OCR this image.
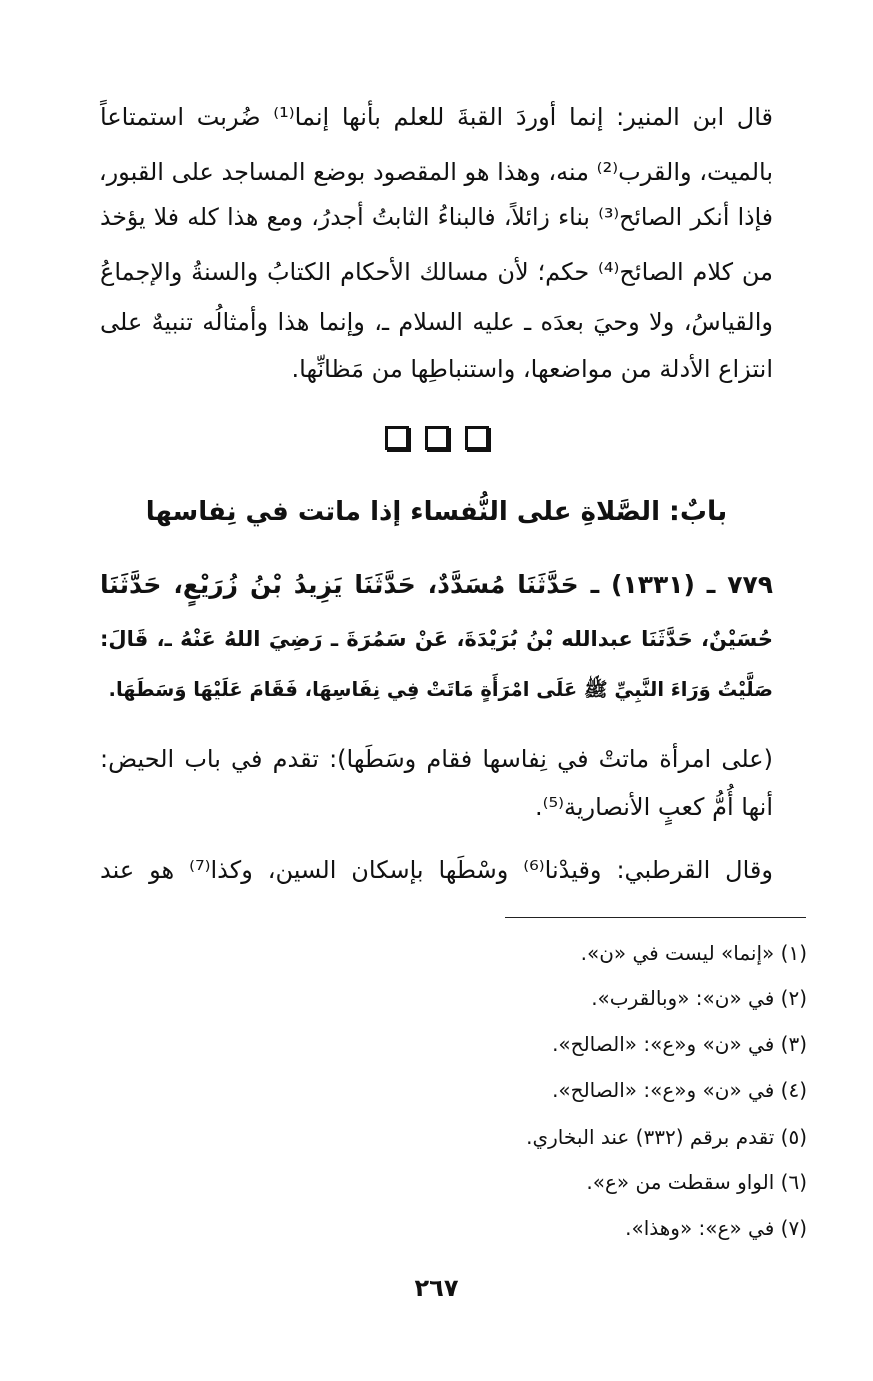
قال ابن المنير: إنما أوردَ القبةَ للعلم بأنها إنما⁽¹⁾ ضُربت استمتاعاً
بالميت، والقرب⁽²⁾ منه، وهذا هو المقصود بوضع المساجد على القبور،
فإذا أنكر الصائح⁽³⁾ بناء زائلاً، فالبناءُ الثابتُ أجدرُ، ومع هذا كله فلا يؤخذ
من كلام الصائح⁽⁴⁾ حكم؛ لأن مسالك الأحكام الكتابُ والسنةُ والإجماعُ
والقياسُ، ولا وحيَ بعدَه ـ عليه السلام ـ، وإنما هذا وأمثالُه تنبيهٌ على
انتزاع الأدلة من مواضعها، واستنباطِها من مَظانِّها.
بابٌ: الصَّلاةِ على النُّفساء إذا ماتت في نِفاسها
٧٧٩ ـ (١٣٣١) ـ حَدَّثَنَا مُسَدَّدٌ، حَدَّثَنَا يَزِيدُ بْنُ زُرَيْعٍ، حَدَّثَنَا
حُسَيْنٌ، حَدَّثَنَا عبدالله بْنُ بُرَيْدَةَ، عَنْ سَمُرَةَ ـ رَضِيَ اللهُ عَنْهُ ـ، قَالَ:
صَلَّيْتُ وَرَاءَ النَّبِيِّ ﷺ عَلَى امْرَأَةٍ مَاتَتْ فِي نِفَاسِهَا، فَقَامَ عَلَيْهَا وَسَطَهَا.
(على امرأة ماتتْ في نِفاسها فقام وسَطَها): تقدم في باب الحيض:
أنها أُمُّ كعبٍ الأنصارية⁽⁵⁾.
وقال القرطبي: وقيدْنا⁽⁶⁾ وسْطَها بإسكان السين، وكذا⁽⁷⁾ هو عند
(١) «إنما» ليست في «ن».
(٢) في «ن»: «وبالقرب».
(٣) في «ن» و«ع»: «الصالح».
(٤) في «ن» و«ع»: «الصالح».
(٥) تقدم برقم (٣٣٢) عند البخاري.
(٦) الواو سقطت من «ع».
(٧) في «ع»: «وهذا».
٢٦٧
